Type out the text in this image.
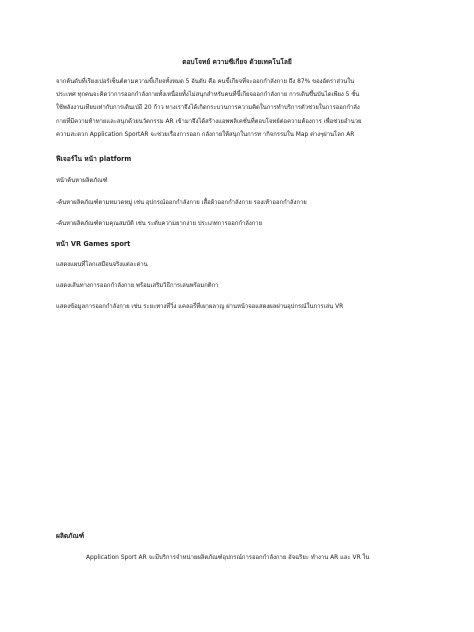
ตอบโจทย์ ความซีเกียจ ด้วยเทคโนโลยี

จากต้นดับที่เรียงเปอร์เซ็นต์ตามความขี้เกียจทั้งหมด 5 อันดับ คือ คนขี้เกียจที่จะออกกำลังกาย ถึง 87% ของอัตราส่วนใน

ประเทศ ทุกคนจะคิดว่าการออกกำลังกายทั้งเหนื่อยทั้งไม่สนุกสำหรับคนที่ขี้เกียจออกกำลังกาย การเดินขึ้นบันไดเพียง 5 ชั้น

ใช้พลังงานเทียบเท่ากับการเดินเป่ถี 20 ก้าว ทางเราจึงได้เกิดกระบวนการความคิดในการทำบริการตัวช่วยในการออกกำลัง

กายที่มีความท้าทายและสนุกด้วยนวัตกรรม AR เข้ามาจึงได้สร้างแอพพลิเคชั่นที่ตอบโจทย์ต่อความต้องการ เพื่อช่วยอำนวย

ความสะดวก Application SportAR จะช่วยเรื่องการออก กลังกายให้สนุกในการท ากิจกรรมใน Map ต่างๆผ่านโลก AR

ฟีเจอร์ใน หน้า platform
หน้าค้นหาผลิตภัณฑ์
-ค้นหาผลิตภัณฑ์ตามหมวดหมู่ เช่น อุปกรณ์ออกกำลังกาย เสื้อผ้าออกกำลังกาย รองเท้าออกกำลังกาย
-ค้นหาผลิตภัณฑ์ตามคุณสมบัติ เช่น ระดับความยากง่าย ประเภทการออกกำลังกาย
หน้า VR Games sport
แสดงแผนที่โลกเสมือนจริงแต่ละด่าน
แสดงเส้นทางการออกกำลังกาย พร้อมเสริมวิธีการเล่นพร้อมกติกา
แสดงข้อมูลการออกกำลังกาย เช่น ระยะทางที่วิ่ง แคลอรี่ที่เผาผลาญ ผ่านหน้าจอแสดงผลผ่านอุปกรณ์ในการเล่น VR
ผลิตภัณฑ์
Application Sport AR จะมีบริการจำหน่ายผลิตภัณฑ์อุปกรณ์การออกกำลังกาย อัจฉริยะ ทำงาน AR และ VR ใน
